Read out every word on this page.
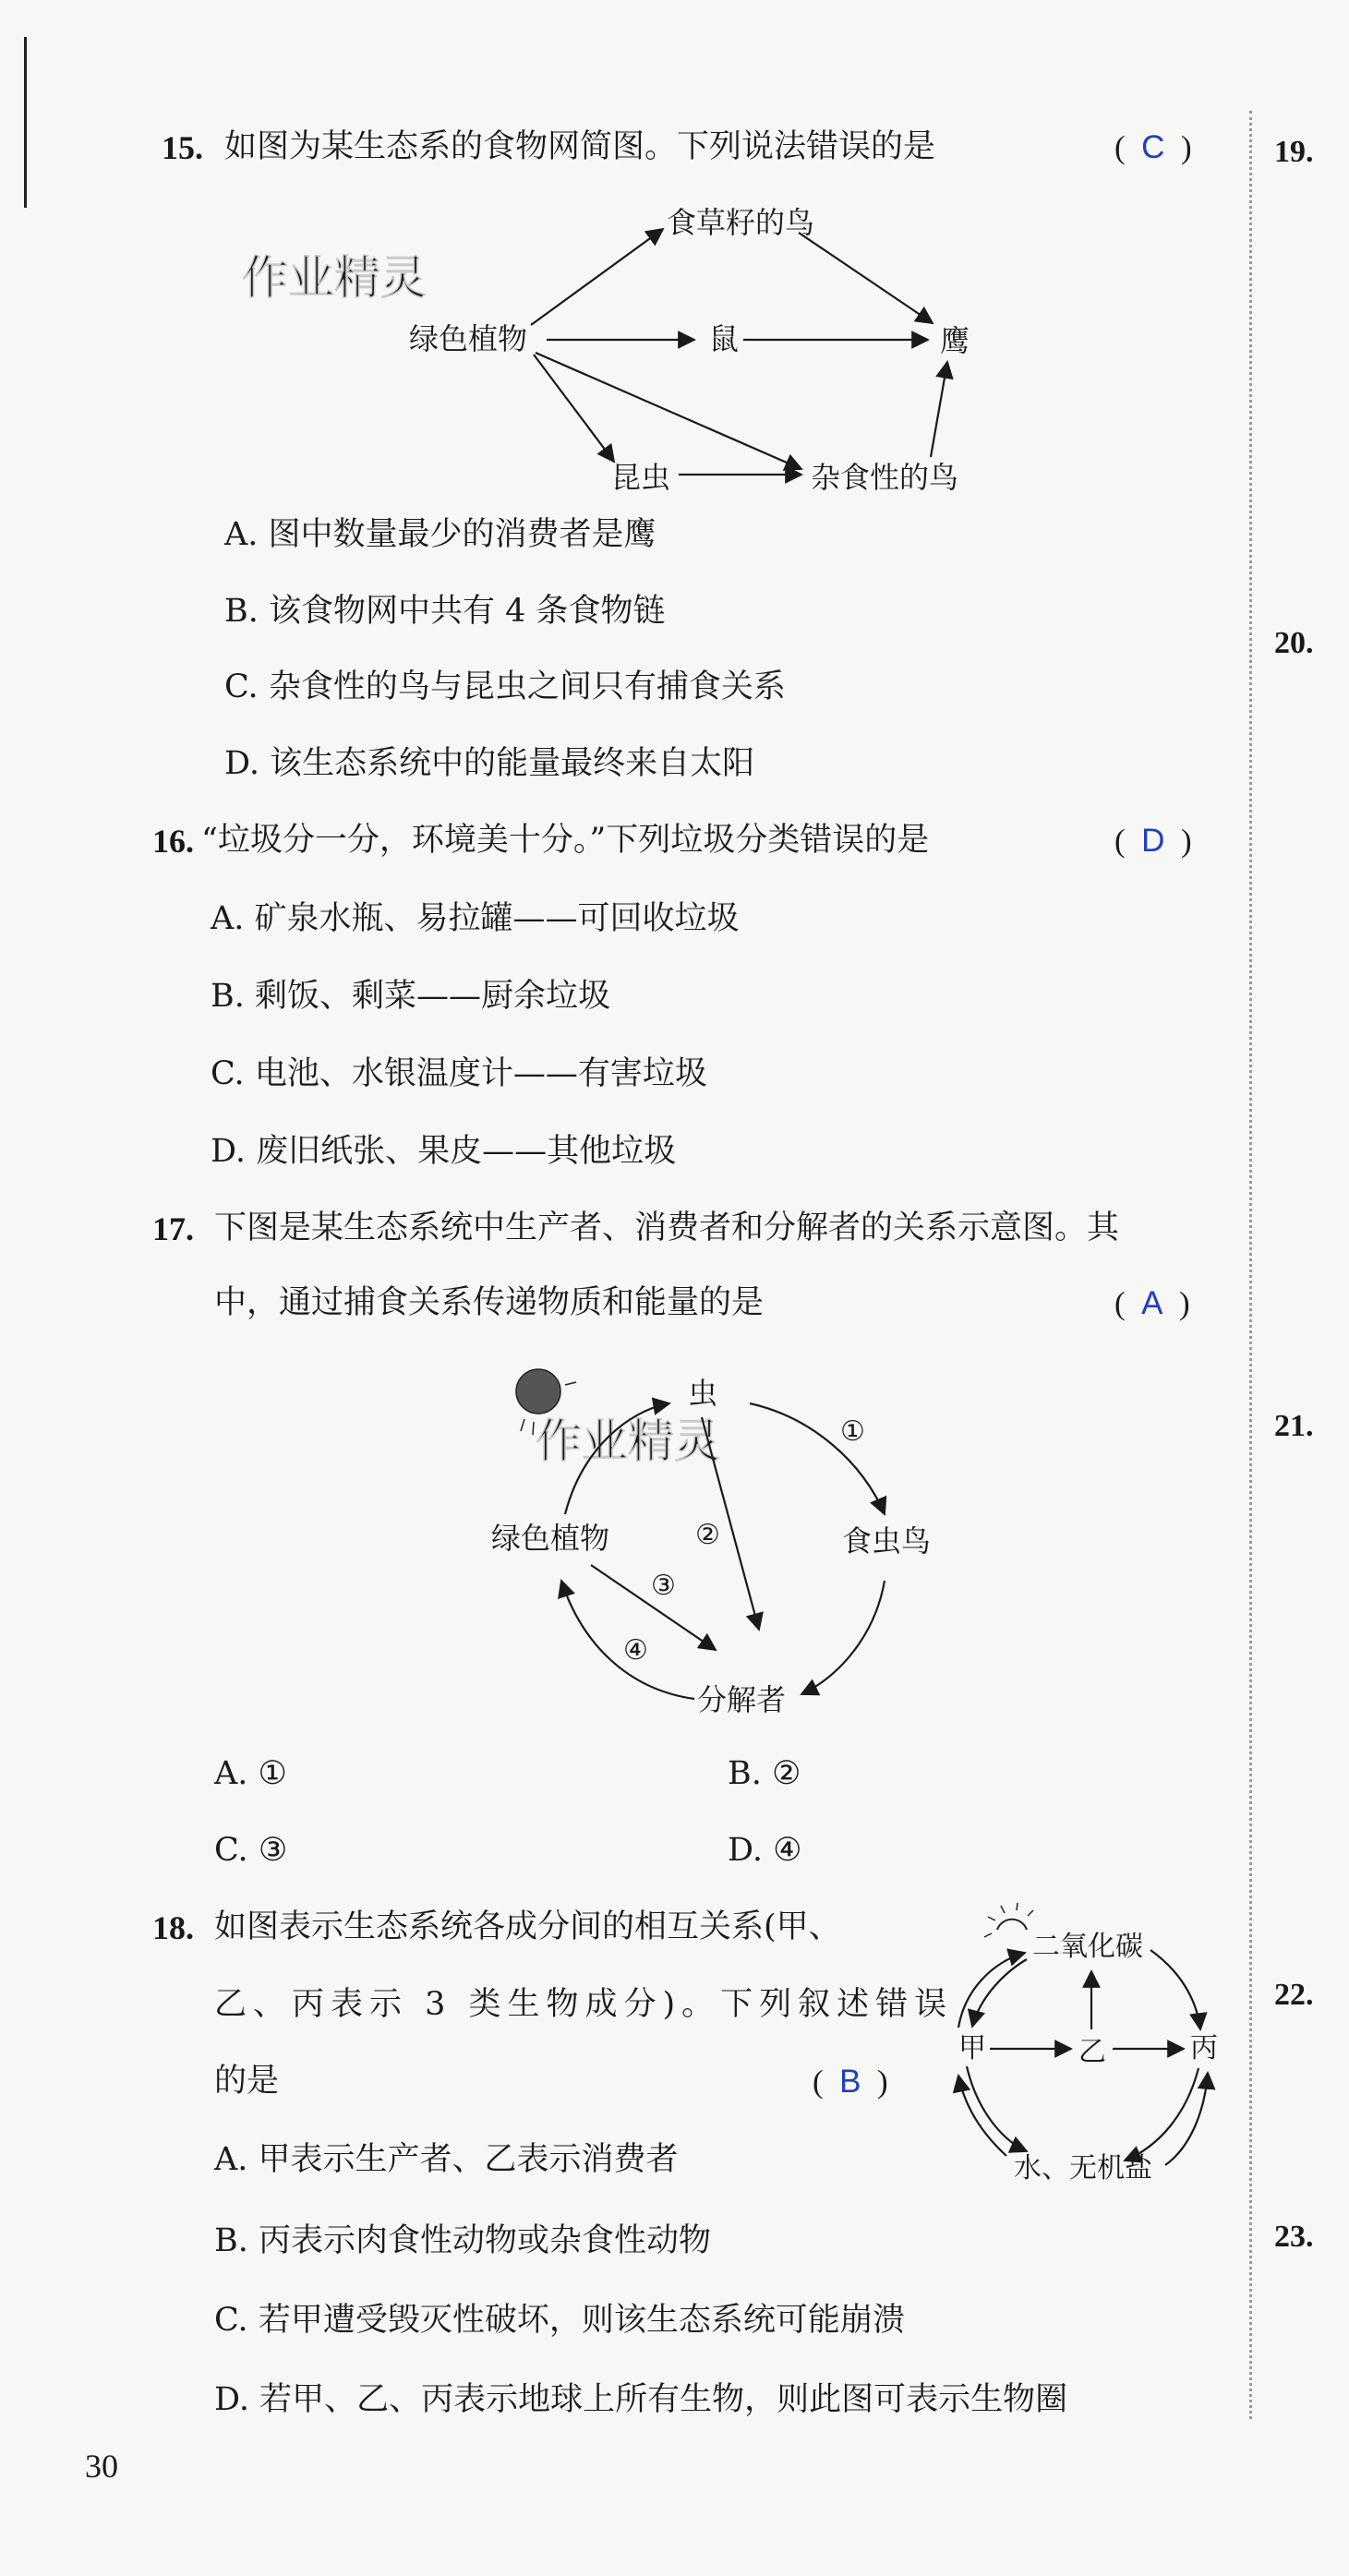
19.
20.
21.
22.
23.
15. 如图为某生态系的食物网简图。下列说法错误的是	(  C  )
A. 图中数量最少的消费者是鹰
B. 该食物网中共有 4 条食物链
C. 杂食性的鸟与昆虫之间只有捕食关系
D. 该生态系统中的能量最终来自太阳
16. “垃圾分一分，环境美十分。”下列垃圾分类错误的是	(  D  )
A. 矿泉水瓶、易拉罐——可回收垃圾
B. 剩饭、剩菜——厨余垃圾
C. 电池、水银温度计——有害垃圾
D. 废旧纸张、果皮——其他垃圾
17. 下图是某生态系统中生产者、消费者和分解者的关系示意图。其
中，通过捕食关系传递物质和能量的是	(  A  )
A. ①	B. ②
C. ③	D. ④
18. 如图表示生态系统各成分间的相互关系(甲、
乙、丙表示 3 类生物成分)。下列叙述错误
的是	(  B  )
A. 甲表示生产者、乙表示消费者
B. 丙表示肉食性动物或杂食性动物
C. 若甲遭受毁灭性破坏，则该生态系统可能崩溃
D. 若甲、乙、丙表示地球上所有生物，则此图可表示生物圈
30
作业精灵
绿色植物
食草籽的鸟
鼠	鹰
昆虫	杂食性的鸟
作业精灵
虫
食虫鸟
绿色植物
分解者
①
②
③
④
二氧化碳
甲	乙	丙
水、无机盐
